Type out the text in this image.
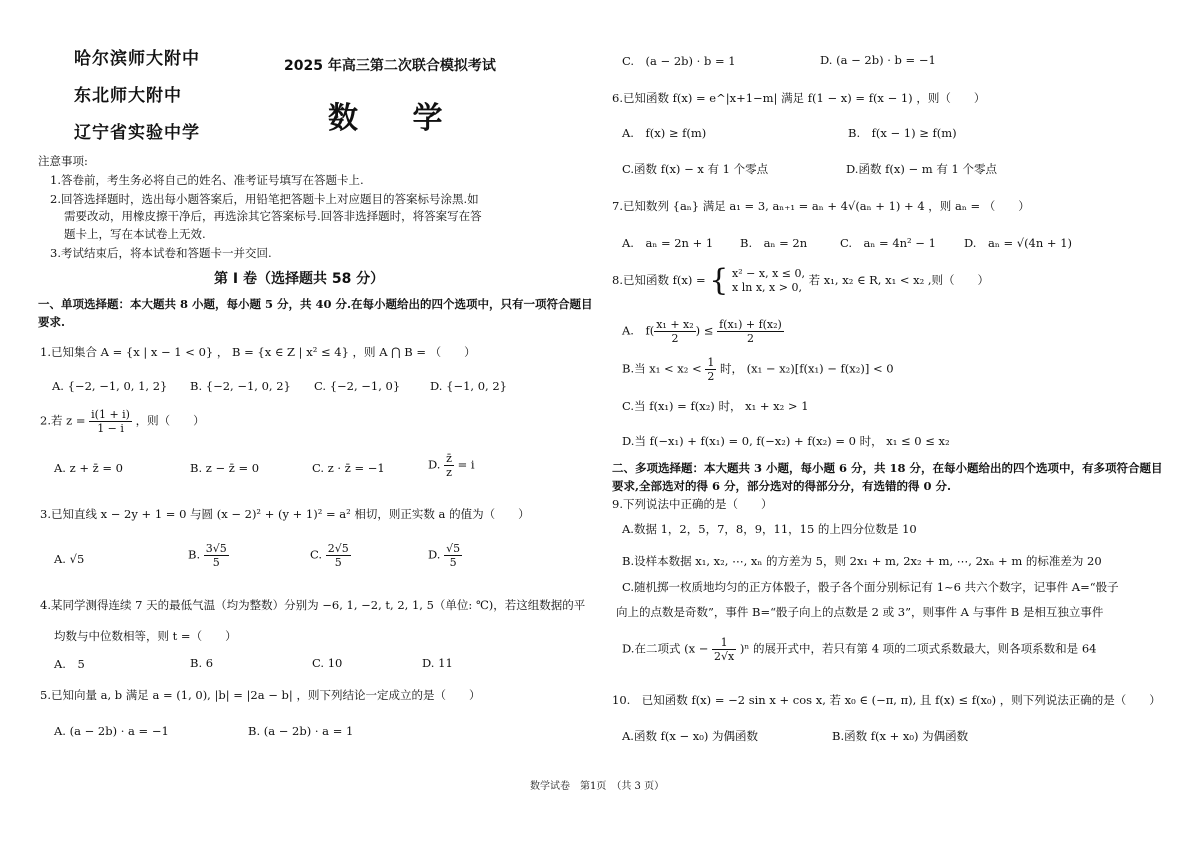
哈尔滨师大附中
东北师大附中
辽宁省实验中学
2025 年高三第二次联合模拟考试
数 学
注意事项:
1.答卷前，考生务必将自己的姓名、准考证号填写在答题卡上.
2.回答选择题时，选出每小题答案后，用铅笔把答题卡上对应题目的答案标号涂黑.如
需要改动，用橡皮擦干净后，再选涂其它答案标号.回答非选择题时，将答案写在答
题卡上，写在本试卷上无效.
3.考试结束后，将本试卷和答题卡一并交回.
第 I 卷（选择题共 58 分）
一、单项选择题：本大题共 8 小题，每小题 5 分，共 40 分.在每小题给出的四个选项中，只有一项符合题目要求.
1.已知集合 A = {x | x − 1 < 0} ， B = {x ∈ Z | x² ≤ 4} ，则 A ⋂ B = （　　）
A. {−2, −1, 0, 1, 2} B. {−2, −1, 0, 2} C. {−2, −1, 0}	D. {−1, 0, 2}
2.若 $z = \frac{i(1 + i)}{1 - i}$ ，则（　　）
A. z + z̄ = 0	B. z − z̄ = 0	C. z · z̄ = −1	D. $\frac{z̄}{z} = i$
3.已知直线 x − 2y + 1 = 0 与圆 (x − 2)² + (y + 1)² = a² 相切，则正实数 a 的值为（　　）
A. √5	B. $\frac{3√5}{5}$	C. $\frac{2√5}{5}$	D. $\frac{√5}{5}$
4.某同学测得连续 7 天的最低气温（均为整数）分别为 −6, 1, −2, t, 2, 1, 5（单位: ℃)，若这组数据的平
均数与中位数相等，则 t =（　　）
A.　5	B. 6	C. 10	D. 11
5.已知向量 a, b 满足 a = (1, 0), |b| = |2a − b| ，则下列结论一定成立的是（　　）
A. (a − 2b) · a = −1	B. (a − 2b) · a = 1
C.　(a − 2b) · b = 1	D. (a − 2b) · b = −1
6.已知函数 f(x) = e^|x+1−m| 满足 f(1 − x) = f(x − 1) ，则（　　）
A.　f(x) ≥ f(m)	B.　f(x − 1) ≥ f(m)
C.函数 f(x) − x 有 1 个零点	D.函数 f(x) − m 有 1 个零点
7.已知数列 {aₙ} 满足 a₁ = 3, aₙ₊₁ = aₙ + 4√(aₙ + 1) + 4 ，则 aₙ = （　　）
A.　aₙ = 2n + 1 B.　aₙ = 2n	C.　aₙ = 4n² − 1 D.　aₙ = √(4n + 1)
8.已知函数 f(x) = { x² − x, x ≤ 0,
x ln x, x > 0,
若 x₁, x₂ ∈ R, x₁ < x₂ ,则（　　）
A.　$f( \frac{\text{x₁ + x₂}}{2}$ ) ≤ $\frac{\text{f(x₁) + f(x₂)}}{2}$
B.当 $x_1 < x_2 < \frac{1}{2}$ 时， (x₁ − x₂)[f(x₁) − f(x₂)] < 0
C.当 f(x₁) = f(x₂) 时， x₁ + x₂ > 1
D.当 f(−x₁) + f(x₁) = 0, f(−x₂) + f(x₂) = 0 时， x₁ ≤ 0 ≤ x₂
二、多项选择题：本大题共 3 小题，每小题 6 分，共 18 分，在每小题给出的四个选项中，有多项符合题目要求,全部选对的得 6 分，部分选对的得部分分，有选错的得 0 分.
9.下列说法中正确的是（　　）
A.数据 1，2，5，7，8，9，11，15 的上四分位数是 10
B.设样本数据 x₁, x₂, ⋯, xₙ 的方差为 5，则 2x₁ + m, 2x₂ + m, ⋯, 2xₙ + m 的标准差为 20
C.随机掷一枚质地均匀的正方体骰子，骰子各个面分别标记有 1~6 共六个数字，记事件 A=“骰子
向上的点数是奇数”，事件 B=“骰子向上的点数是 2 或 3”，则事件 A 与事件 B 是相互独立事件
D.在二项式 $(x - \frac{1}{2√x} )^n$ 的展开式中，若只有第 4 项的二项式系数最大，则各项系数和是 64
10.　已知函数 f(x) = −2 sin x + cos x, 若 x₀ ∈ (−π, π), 且 f(x) ≤ f(x₀) ，则下列说法正确的是（　　）
A.函数 f(x − x₀) 为偶函数	B.函数 f(x + x₀) 为偶函数
数学试卷　第1页　（共 3 页）
